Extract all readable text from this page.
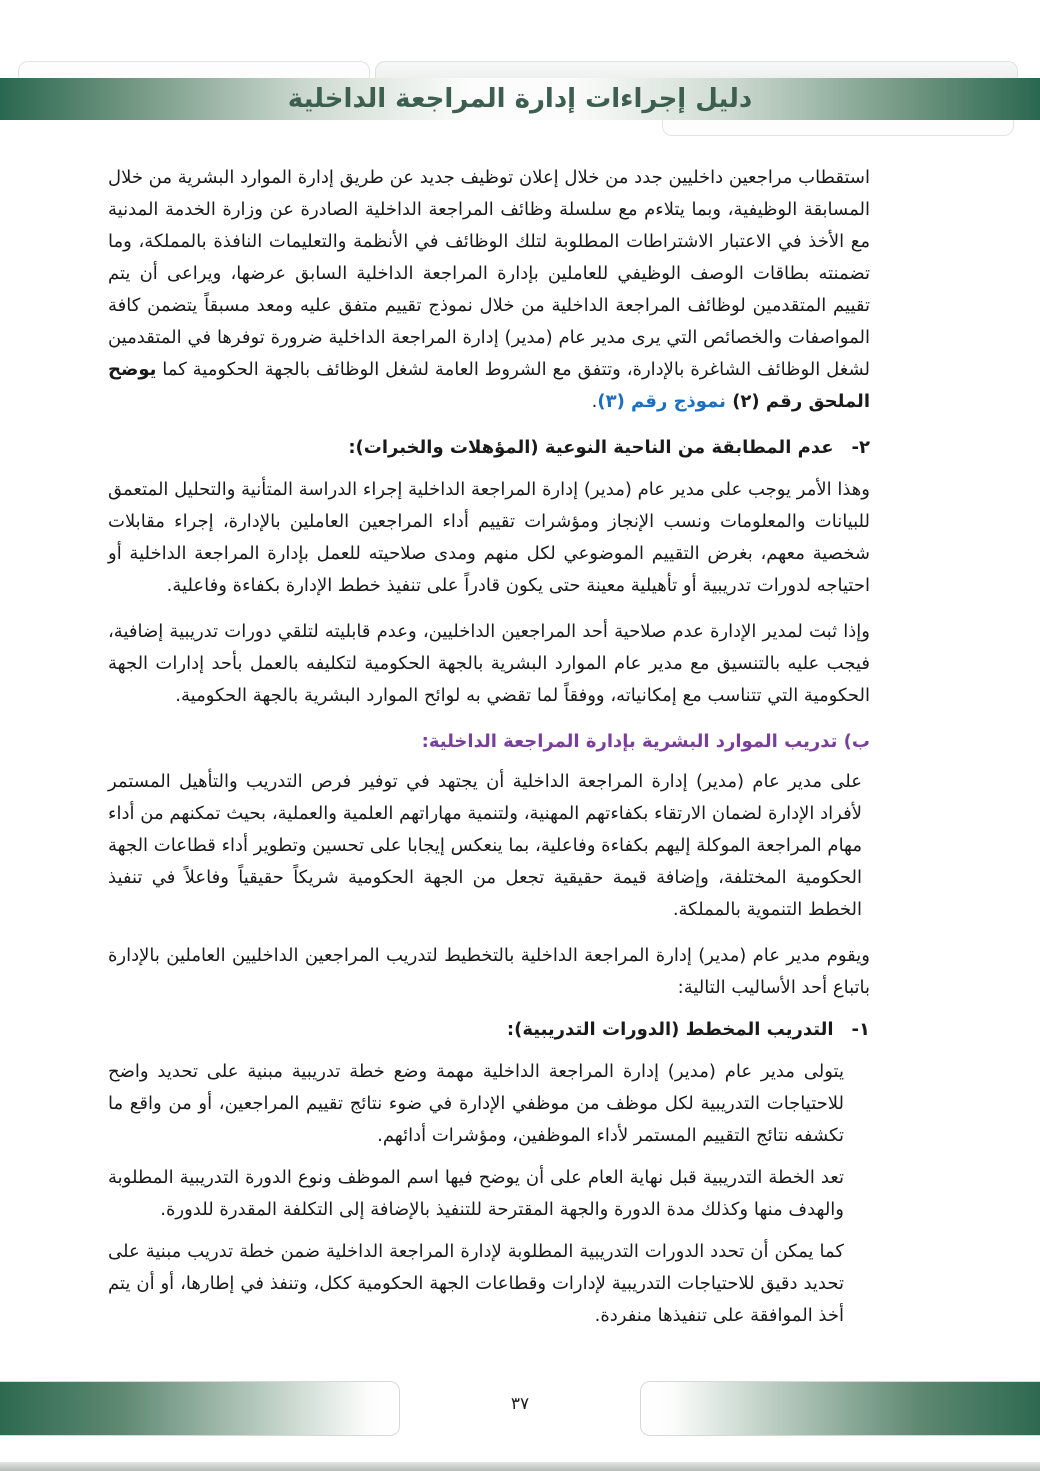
دليل إجراءات إدارة المراجعة الداخلية

استقطاب مراجعين داخليين جدد من خلال إعلان توظيف جديد عن طريق إدارة الموارد البشرية من خلال المسابقة الوظيفية، وبما يتلاءم مع سلسلة وظائف المراجعة الداخلية الصادرة عن وزارة الخدمة المدنية مع الأخذ في الاعتبار الاشتراطات المطلوبة لتلك الوظائف في الأنظمة والتعليمات النافذة بالمملكة، وما تضمنته بطاقات الوصف الوظيفي للعاملين بإدارة المراجعة الداخلية السابق عرضها، ويراعى أن يتم تقييم المتقدمين لوظائف المراجعة الداخلية من خلال نموذج تقييم متفق عليه ومعد مسبقاً يتضمن كافة المواصفات والخصائص التي يرى مدير عام (مدير) إدارة المراجعة الداخلية ضرورة توفرها في المتقدمين لشغل الوظائف الشاغرة بالإدارة، وتتفق مع الشروط العامة لشغل الوظائف بالجهة الحكومية كما يوضح الملحق رقم (٢) نموذج رقم (٣).

٢-
عدم المطابقة من الناحية النوعية (المؤهلات والخبرات):

وهذا الأمر يوجب على مدير عام (مدير) إدارة المراجعة الداخلية إجراء الدراسة المتأنية والتحليل المتعمق للبيانات والمعلومات ونسب الإنجاز ومؤشرات تقييم أداء المراجعين العاملين بالإدارة، إجراء مقابلات شخصية معهم، بغرض التقييم الموضوعي لكل منهم ومدى صلاحيته للعمل بإدارة المراجعة الداخلية أو احتياجه لدورات تدريبية أو تأهيلية معينة حتى يكون قادراً على تنفيذ خطط الإدارة بكفاءة وفاعلية.

وإذا ثبت لمدير الإدارة عدم صلاحية أحد المراجعين الداخليين، وعدم قابليته لتلقي دورات تدريبية إضافية، فيجب عليه بالتنسيق مع مدير عام الموارد البشرية بالجهة الحكومية لتكليفه بالعمل بأحد إدارات الجهة الحكومية التي تتناسب مع إمكانياته، ووفقاً لما تقضي به لوائح الموارد البشرية بالجهة الحكومية.

ب) تدريب الموارد البشرية بإدارة المراجعة الداخلية:

على مدير عام (مدير) إدارة المراجعة الداخلية أن يجتهد في توفير فرص التدريب والتأهيل المستمر لأفراد الإدارة لضمان الارتقاء بكفاءتهم المهنية، ولتنمية مهاراتهم العلمية والعملية، بحيث تمكنهم من أداء مهام المراجعة الموكلة إليهم بكفاءة وفاعلية، بما ينعكس إيجابا على تحسين وتطوير أداء قطاعات الجهة الحكومية المختلفة، وإضافة قيمة حقيقية تجعل من الجهة الحكومية شريكاً حقيقياً وفاعلاً في تنفيذ الخطط التنموية بالمملكة.

ويقوم مدير عام (مدير) إدارة المراجعة الداخلية بالتخطيط لتدريب المراجعين الداخليين العاملين بالإدارة باتباع أحد الأساليب التالية:

١-
التدريب المخطط (الدورات التدريبية):

يتولى مدير عام (مدير) إدارة المراجعة الداخلية مهمة وضع خطة تدريبية مبنية على تحديد واضح للاحتياجات التدريبية لكل موظف من موظفي الإدارة في ضوء نتائج تقييم المراجعين، أو من واقع ما تكشفه نتائج التقييم المستمر لأداء الموظفين، ومؤشرات أدائهم.

تعد الخطة التدريبية قبل نهاية العام على أن يوضح فيها اسم الموظف ونوع الدورة التدريبية المطلوبة والهدف منها وكذلك مدة الدورة والجهة المقترحة للتنفيذ بالإضافة إلى التكلفة المقدرة للدورة.

كما يمكن أن تحدد الدورات التدريبية المطلوبة لإدارة المراجعة الداخلية ضمن خطة تدريب مبنية على تحديد دقيق للاحتياجات التدريبية لإدارات وقطاعات الجهة الحكومية ككل، وتنفذ في إطارها، أو أن يتم أخذ الموافقة على تنفيذها منفردة.

٣٧
